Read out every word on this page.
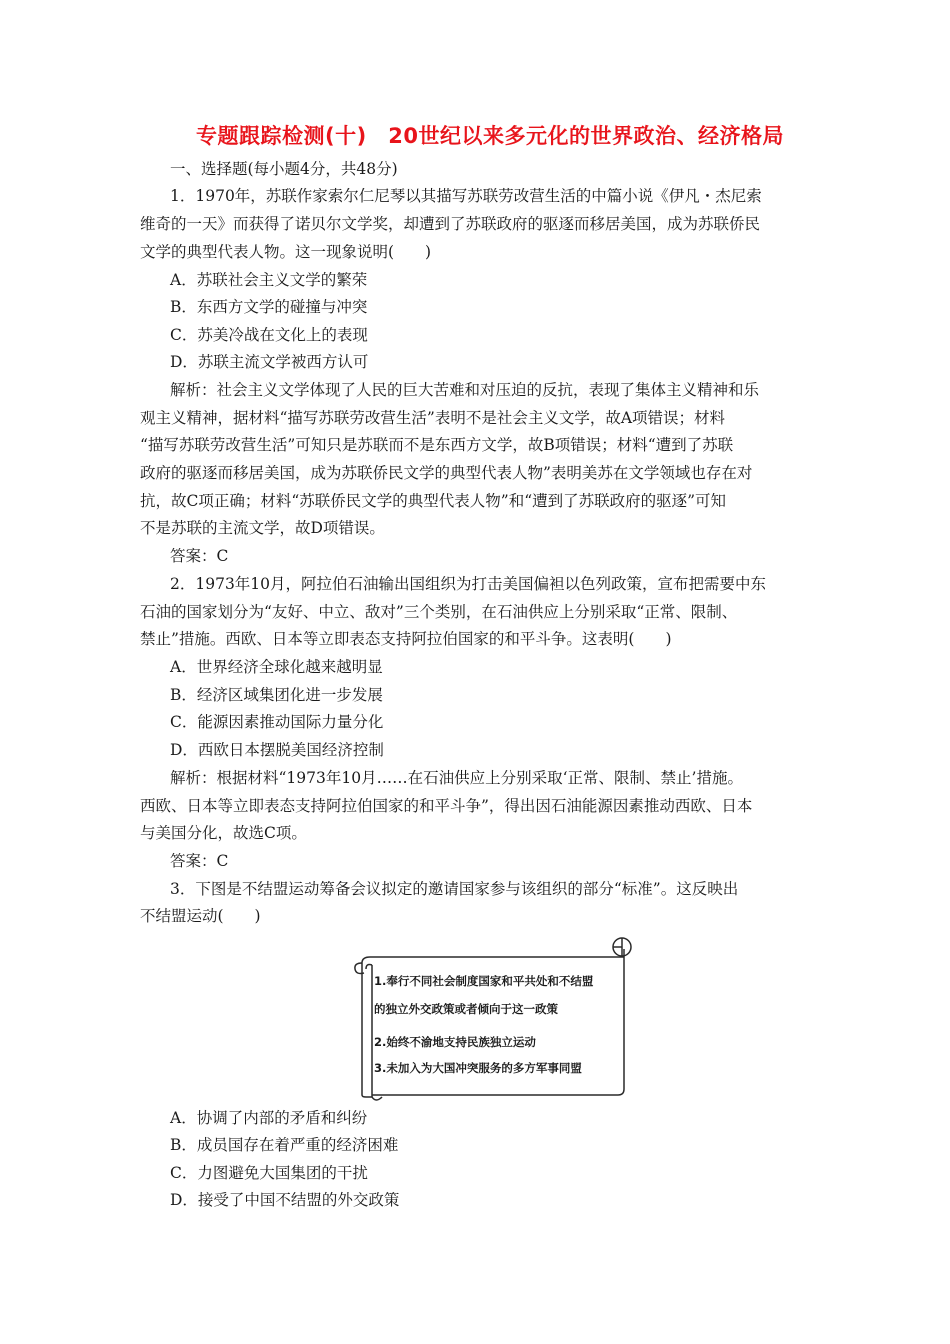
专题跟踪检测(十)　20世纪以来多元化的世界政治、经济格局
一、选择题(每小题4分，共48分)
1．1970年，苏联作家索尔仁尼琴以其描写苏联劳改营生活的中篇小说《伊凡・杰尼索
维奇的一天》而获得了诺贝尔文学奖，却遭到了苏联政府的驱逐而移居美国，成为苏联侨民
文学的典型代表人物。这一现象说明(　　)
A．苏联社会主义文学的繁荣
B．东西方文学的碰撞与冲突
C．苏美冷战在文化上的表现
D．苏联主流文学被西方认可
解析：社会主义文学体现了人民的巨大苦难和对压迫的反抗，表现了集体主义精神和乐
观主义精神，据材料“描写苏联劳改营生活”表明不是社会主义文学，故A项错误；材料
“描写苏联劳改营生活”可知只是苏联而不是东西方文学，故B项错误；材料“遭到了苏联
政府的驱逐而移居美国，成为苏联侨民文学的典型代表人物”表明美苏在文学领域也存在对
抗，故C项正确；材料“苏联侨民文学的典型代表人物”和“遭到了苏联政府的驱逐”可知
不是苏联的主流文学，故D项错误。
答案：C
2．1973年10月，阿拉伯石油输出国组织为打击美国偏袒以色列政策，宣布把需要中东
石油的国家划分为“友好、中立、敌对”三个类别，在石油供应上分别采取“正常、限制、
禁止”措施。西欧、日本等立即表态支持阿拉伯国家的和平斗争。这表明(　　)
A．世界经济全球化越来越明显
B．经济区域集团化进一步发展
C．能源因素推动国际力量分化
D．西欧日本摆脱美国经济控制
解析：根据材料“1973年10月……在石油供应上分别采取‘正常、限制、禁止’措施。
西欧、日本等立即表态支持阿拉伯国家的和平斗争”，得出因石油能源因素推动西欧、日本
与美国分化，故选C项。
答案：C
3．下图是不结盟运动筹备会议拟定的邀请国家参与该组织的部分“标准”。这反映出
不结盟运动(　　)
1.奉行不同社会制度国家和平共处和不结盟
的独立外交政策或者倾向于这一政策
2.始终不渝地支持民族独立运动
3.未加入为大国冲突服务的多方军事同盟
A．协调了内部的矛盾和纠纷
B．成员国存在着严重的经济困难
C．力图避免大国集团的干扰
D．接受了中国不结盟的外交政策
